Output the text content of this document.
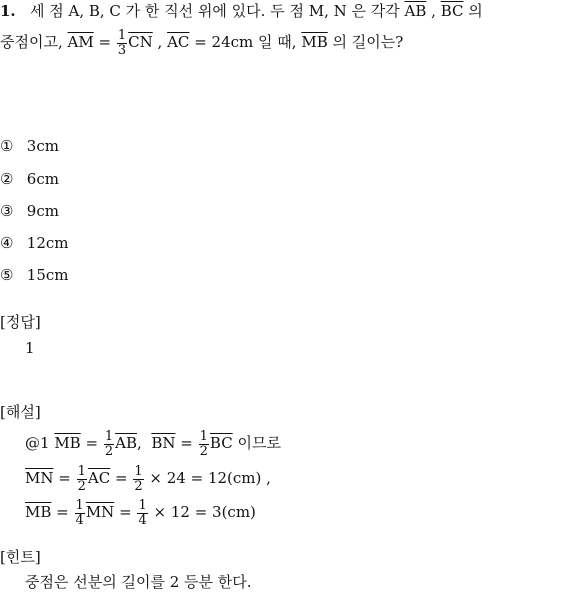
1. 세 점 A, B, C 가 한 직선 위에 있다. 두 점 M, N 은 각각 $\overline{AB}$ , $\overline{BC}$ 의
중점이고, $\overline{AM} = \frac{1}{3} \overline{CN}$ , $\overline{AC} = 24cm$ 일 때, $\overline{MB}$ 의 길이는?
① 3cm
② 6cm
③ 9cm
④ 12cm
⑤ 15cm
[정답]
1
[해설]
@1 $\overline{MB} = \frac{1}{2} \overline{AB}$, $\overline{BN} = \frac{1}{2} \overline{BC}$ 이므로
$\overline{MN} = \frac{1}{2} \overline{AC} = \frac{1}{2} \times 24 = 12(cm)$ ,
$\overline{MB} = \frac{1}{4} \overline{MN} = \frac{1}{4} \times 12 = 3(cm)$
[힌트]
중점은 선분의 길이를 2 등분 한다.
